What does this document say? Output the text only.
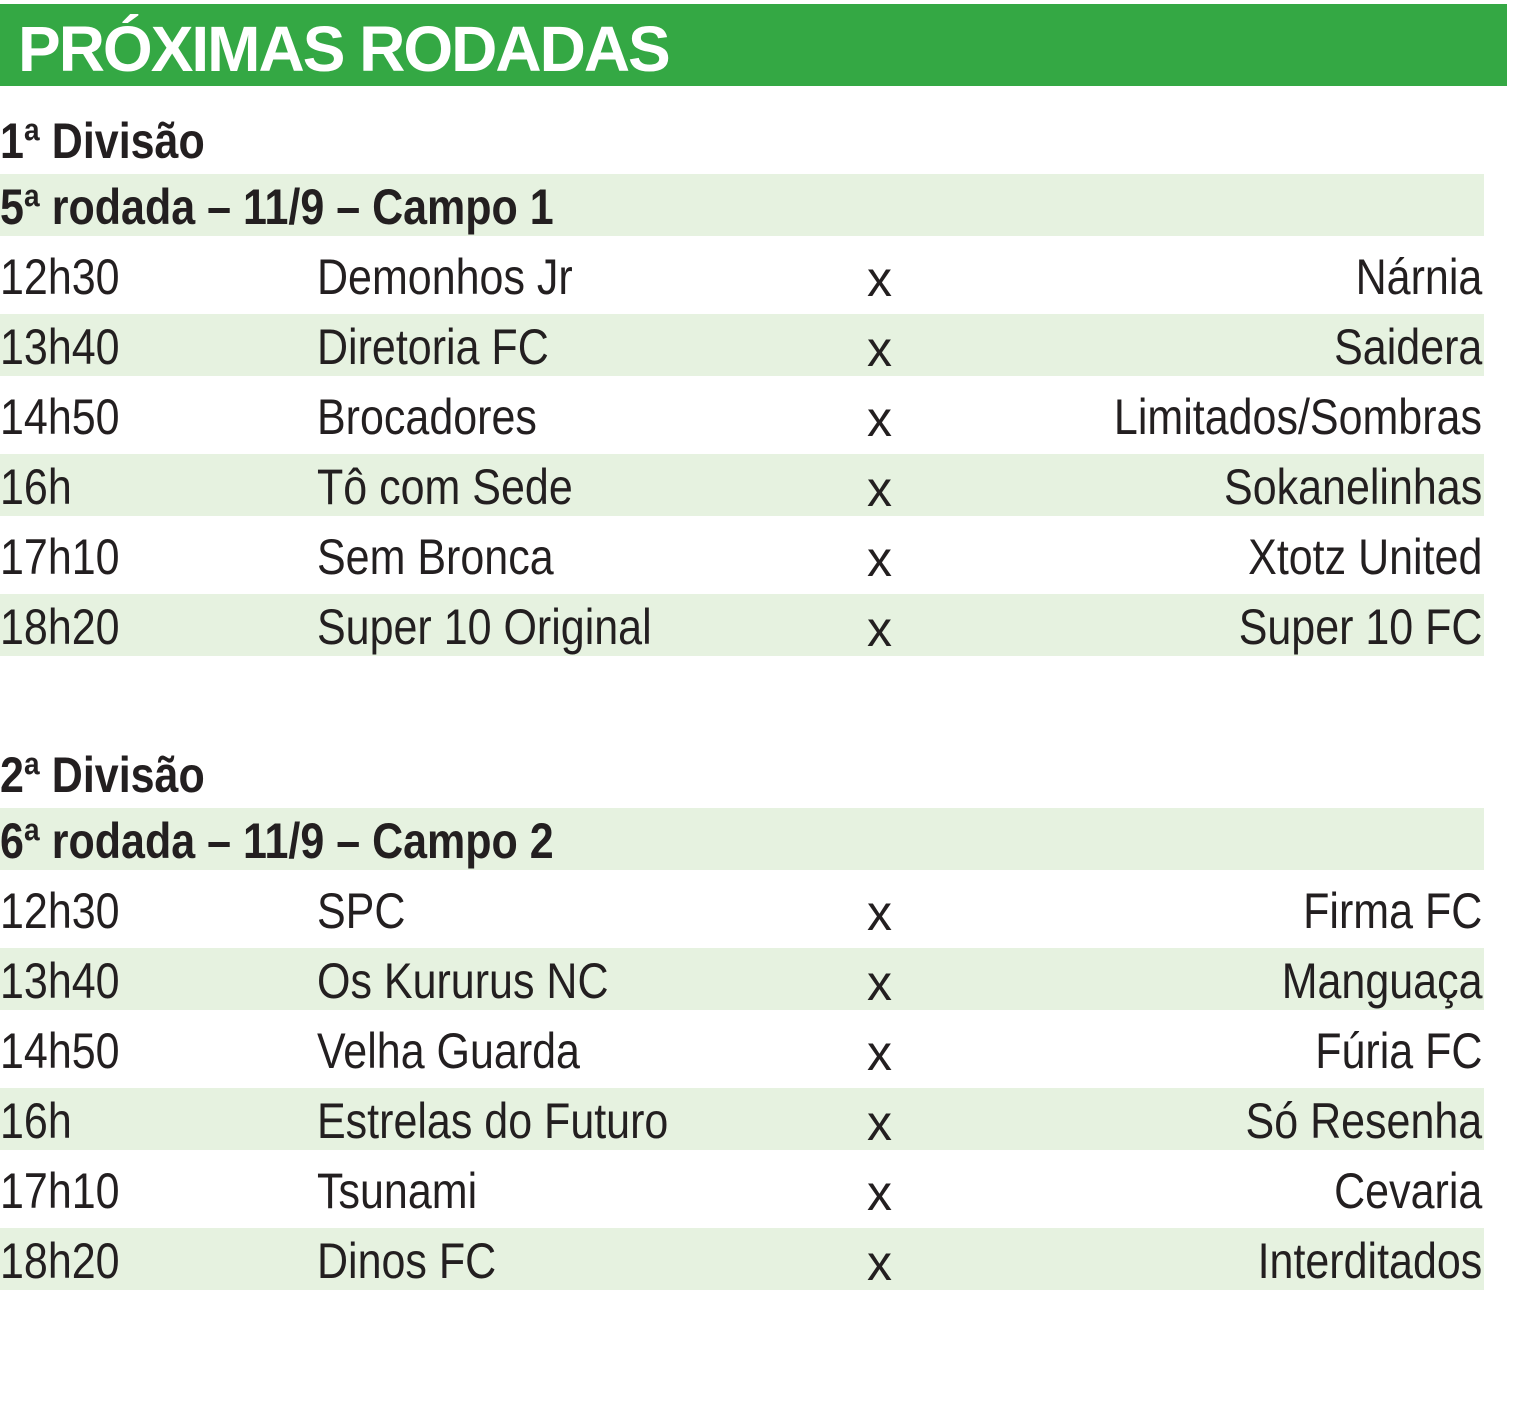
PRÓXIMAS RODADAS
1ª Divisão
5ª rodada – 11/9 – Campo 1
12h30	Demonhos Jr	x	Nárnia
13h40	Diretoria FC	x	Saidera
14h50	Brocadores	x	Limitados/Sombras
16h	Tô com Sede	x	Sokanelinhas
17h10	Sem Bronca	x	Xtotz United
18h20	Super 10 Original	x	Super 10 FC
2ª Divisão
6ª rodada – 11/9 – Campo 2
12h30	SPC	x	Firma FC
13h40	Os Kururus NC	x	Manguaça
14h50	Velha Guarda	x	Fúria FC
16h	Estrelas do Futuro	x	Só Resenha
17h10	Tsunami	x	Cevaria
18h20	Dinos FC	x	Interditados
